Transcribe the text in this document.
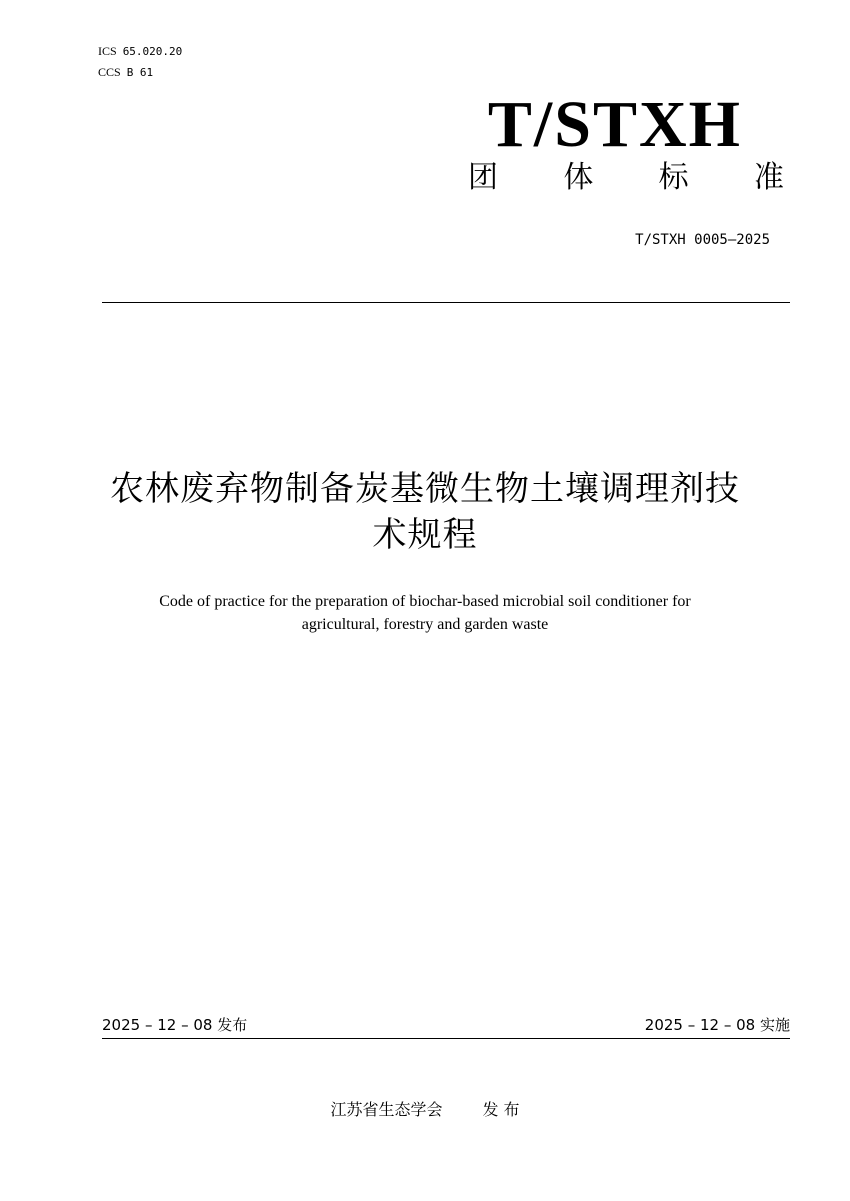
ICS 65.020.20
CCS B 61
T/STXH
团 体 标 准
T/STXH 0005—2025
农林废弃物制备炭基微生物土壤调理剂技
术规程
Code of practice for the preparation of biochar-based microbial soil conditioner for
agricultural, forestry and garden waste
2025 – 12 – 08 发布	2025 – 12 – 08 实施
江苏省生态学会	发 布
